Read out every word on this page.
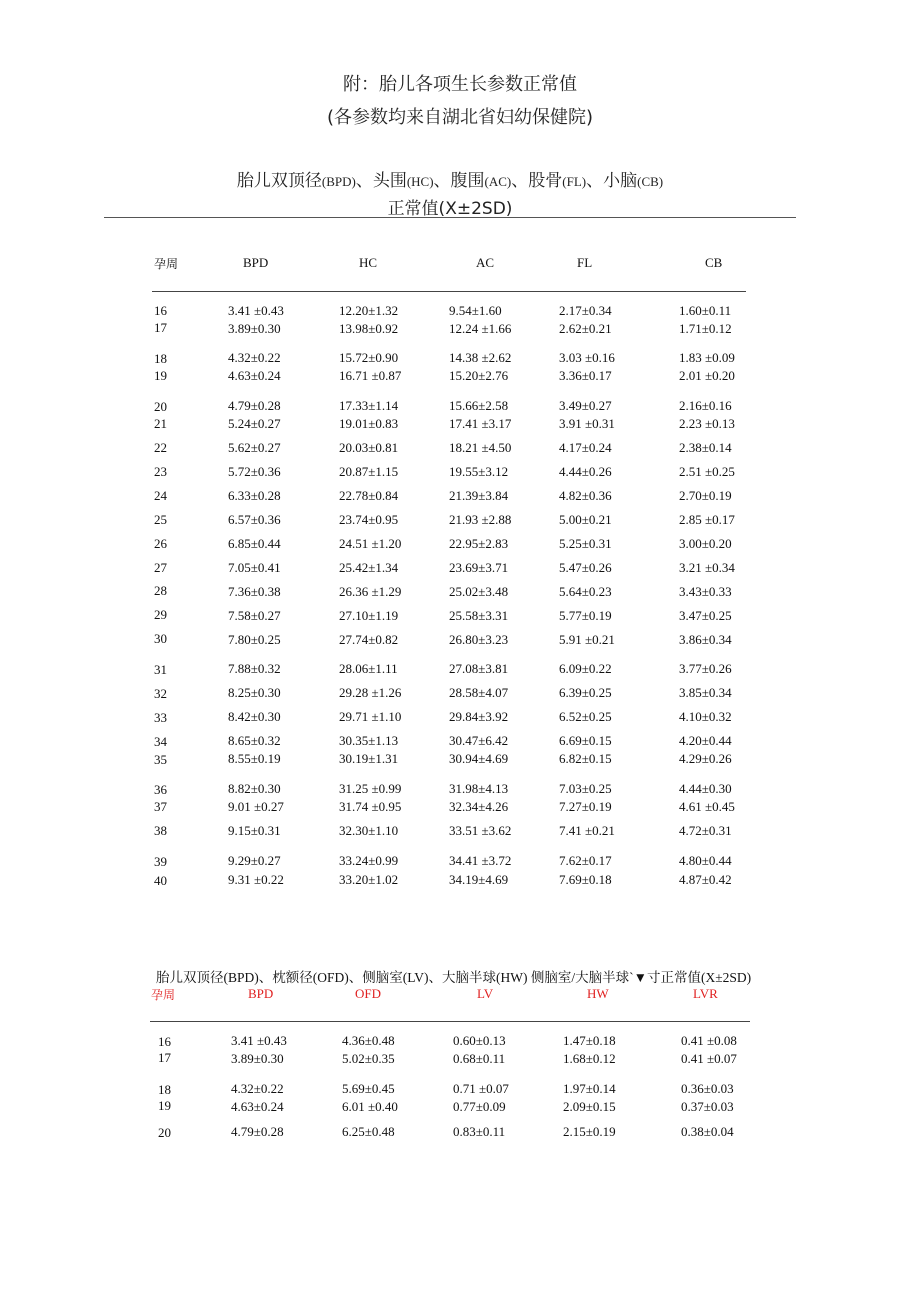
附：胎儿各项生长参数正常值
(各参数均来自湖北省妇幼保健院)
胎儿双顶径(BPD)、头围(HC)、腹围(AC)、股骨(FL)、小脑(CB)
正常值(X±2SD)
孕周	BPD	HC	AC	FL	CB
16	3.41 ±0.43	12.20±1.32	9.54±1.60	2.17±0.34	1.60±0.11
17	3.89±0.30	13.98±0.92	12.24 ±1.66	2.62±0.21	1.71±0.12
18	4.32±0.22	15.72±0.90	14.38 ±2.62	3.03 ±0.16	1.83 ±0.09
19	4.63±0.24	16.71 ±0.87	15.20±2.76	3.36±0.17	2.01 ±0.20
20	4.79±0.28	17.33±1.14	15.66±2.58	3.49±0.27	2.16±0.16
21	5.24±0.27	19.01±0.83	17.41 ±3.17	3.91 ±0.31	2.23 ±0.13
22	5.62±0.27	20.03±0.81	18.21 ±4.50	4.17±0.24	2.38±0.14
23	5.72±0.36	20.87±1.15	19.55±3.12	4.44±0.26	2.51 ±0.25
24	6.33±0.28	22.78±0.84	21.39±3.84	4.82±0.36	2.70±0.19
25	6.57±0.36	23.74±0.95	21.93 ±2.88	5.00±0.21	2.85 ±0.17
26	6.85±0.44	24.51 ±1.20	22.95±2.83	5.25±0.31	3.00±0.20
27	7.05±0.41	25.42±1.34	23.69±3.71	5.47±0.26	3.21 ±0.34
28	7.36±0.38	26.36 ±1.29	25.02±3.48	5.64±0.23	3.43±0.33
29	7.58±0.27	27.10±1.19	25.58±3.31	5.77±0.19	3.47±0.25
30	7.80±0.25	27.74±0.82	26.80±3.23	5.91 ±0.21	3.86±0.34
31	7.88±0.32	28.06±1.11	27.08±3.81	6.09±0.22	3.77±0.26
32	8.25±0.30	29.28 ±1.26	28.58±4.07	6.39±0.25	3.85±0.34
33	8.42±0.30	29.71 ±1.10	29.84±3.92	6.52±0.25	4.10±0.32
34	8.65±0.32	30.35±1.13	30.47±6.42	6.69±0.15	4.20±0.44
35	8.55±0.19	30.19±1.31	30.94±4.69	6.82±0.15	4.29±0.26
36	8.82±0.30	31.25 ±0.99	31.98±4.13	7.03±0.25	4.44±0.30
37	9.01 ±0.27	31.74 ±0.95	32.34±4.26	7.27±0.19	4.61 ±0.45
38	9.15±0.31	32.30±1.10	33.51 ±3.62	7.41 ±0.21	4.72±0.31
39	9.29±0.27	33.24±0.99	34.41 ±3.72	7.62±0.17	4.80±0.44
40	9.31 ±0.22	33.20±1.02	34.19±4.69	7.69±0.18	4.87±0.42
胎儿双顶径(BPD)、枕额径(OFD)、侧脑室(LV)、大脑半球(HW) 侧脑室/大脑半球ˋ▼寸正常值(X±2SD)
孕周	BPD	OFD	LV	HW	LVR
16	3.41 ±0.43	4.36±0.48	0.60±0.13	1.47±0.18	0.41 ±0.08
17	3.89±0.30	5.02±0.35	0.68±0.11	1.68±0.12	0.41 ±0.07
18	4.32±0.22	5.69±0.45	0.71 ±0.07	1.97±0.14	0.36±0.03
19	4.63±0.24	6.01 ±0.40	0.77±0.09	2.09±0.15	0.37±0.03
20	4.79±0.28	6.25±0.48	0.83±0.11	2.15±0.19	0.38±0.04
